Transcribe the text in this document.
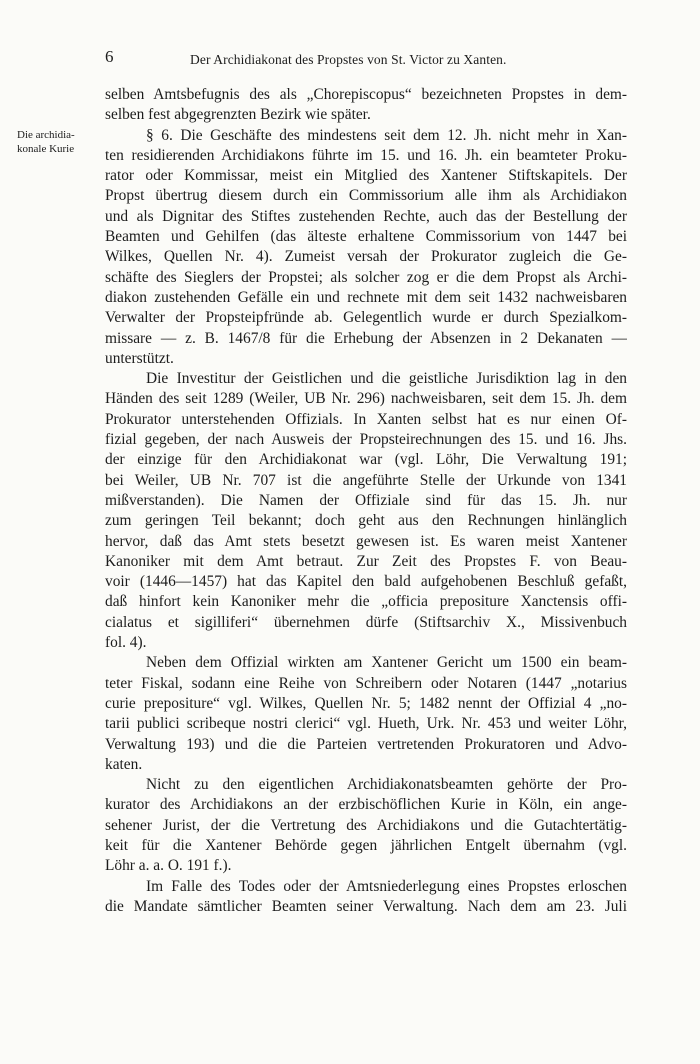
6	Der Archidiakonat des Propstes von St. Victor zu Xanten.
Die archidia- konale Kurie
selben Amtsbefugnis des als „Chorepiscopus“ bezeichneten Propstes in dem-
selben fest abgegrenzten Bezirk wie später.
§ 6. Die Geschäfte des mindestens seit dem 12. Jh. nicht mehr in Xan-
ten residierenden Archidiakons führte im 15. und 16. Jh. ein beamteter Proku-
rator oder Kommissar, meist ein Mitglied des Xantener Stiftskapitels. Der
Propst übertrug diesem durch ein Commissorium alle ihm als Archidiakon
und als Dignitar des Stiftes zustehenden Rechte, auch das der Bestellung der
Beamten und Gehilfen (das älteste erhaltene Commissorium von 1447 bei
Wilkes, Quellen Nr. 4). Zumeist versah der Prokurator zugleich die Ge-
schäfte des Sieglers der Propstei; als solcher zog er die dem Propst als Archi-
diakon zustehenden Gefälle ein und rechnete mit dem seit 1432 nachweisbaren
Verwalter der Propsteipfründe ab. Gelegentlich wurde er durch Spezialkom-
missare — z. B. 1467/8 für die Erhebung der Absenzen in 2 Dekanaten —
unterstützt.
Die Investitur der Geistlichen und die geistliche Jurisdiktion lag in den
Händen des seit 1289 (Weiler, UB Nr. 296) nachweisbaren, seit dem 15. Jh. dem
Prokurator unterstehenden Offizials. In Xanten selbst hat es nur einen Of-
fizial gegeben, der nach Ausweis der Propsteirechnungen des 15. und 16. Jhs.
der einzige für den Archidiakonat war (vgl. Löhr, Die Verwaltung 191;
bei Weiler, UB Nr. 707 ist die angeführte Stelle der Urkunde von 1341
mißverstanden). Die Namen der Offiziale sind für das 15. Jh. nur
zum geringen Teil bekannt; doch geht aus den Rechnungen hinlänglich
hervor, daß das Amt stets besetzt gewesen ist. Es waren meist Xantener
Kanoniker mit dem Amt betraut. Zur Zeit des Propstes F. von Beau-
voir (1446—1457) hat das Kapitel den bald aufgehobenen Beschluß gefaßt,
daß hinfort kein Kanoniker mehr die „officia prepositure Xanctensis offi-
cialatus et sigilliferi“ übernehmen dürfe (Stiftsarchiv X., Missivenbuch
fol. 4).
Neben dem Offizial wirkten am Xantener Gericht um 1500 ein beam-
teter Fiskal, sodann eine Reihe von Schreibern oder Notaren (1447 „notarius
curie prepositure“ vgl. Wilkes, Quellen Nr. 5; 1482 nennt der Offizial 4 „no-
tarii publici scribeque nostri clerici“ vgl. Hueth, Urk. Nr. 453 und weiter Löhr,
Verwaltung 193) und die die Parteien vertretenden Prokuratoren und Advo-
katen.
Nicht zu den eigentlichen Archidiakonatsbeamten gehörte der Pro-
kurator des Archidiakons an der erzbischöflichen Kurie in Köln, ein ange-
sehener Jurist, der die Vertretung des Archidiakons und die Gutachtertätig-
keit für die Xantener Behörde gegen jährlichen Entgelt übernahm (vgl.
Löhr a. a. O. 191 f.).
Im Falle des Todes oder der Amtsniederlegung eines Propstes erloschen
die Mandate sämtlicher Beamten seiner Verwaltung. Nach dem am 23. Juli
